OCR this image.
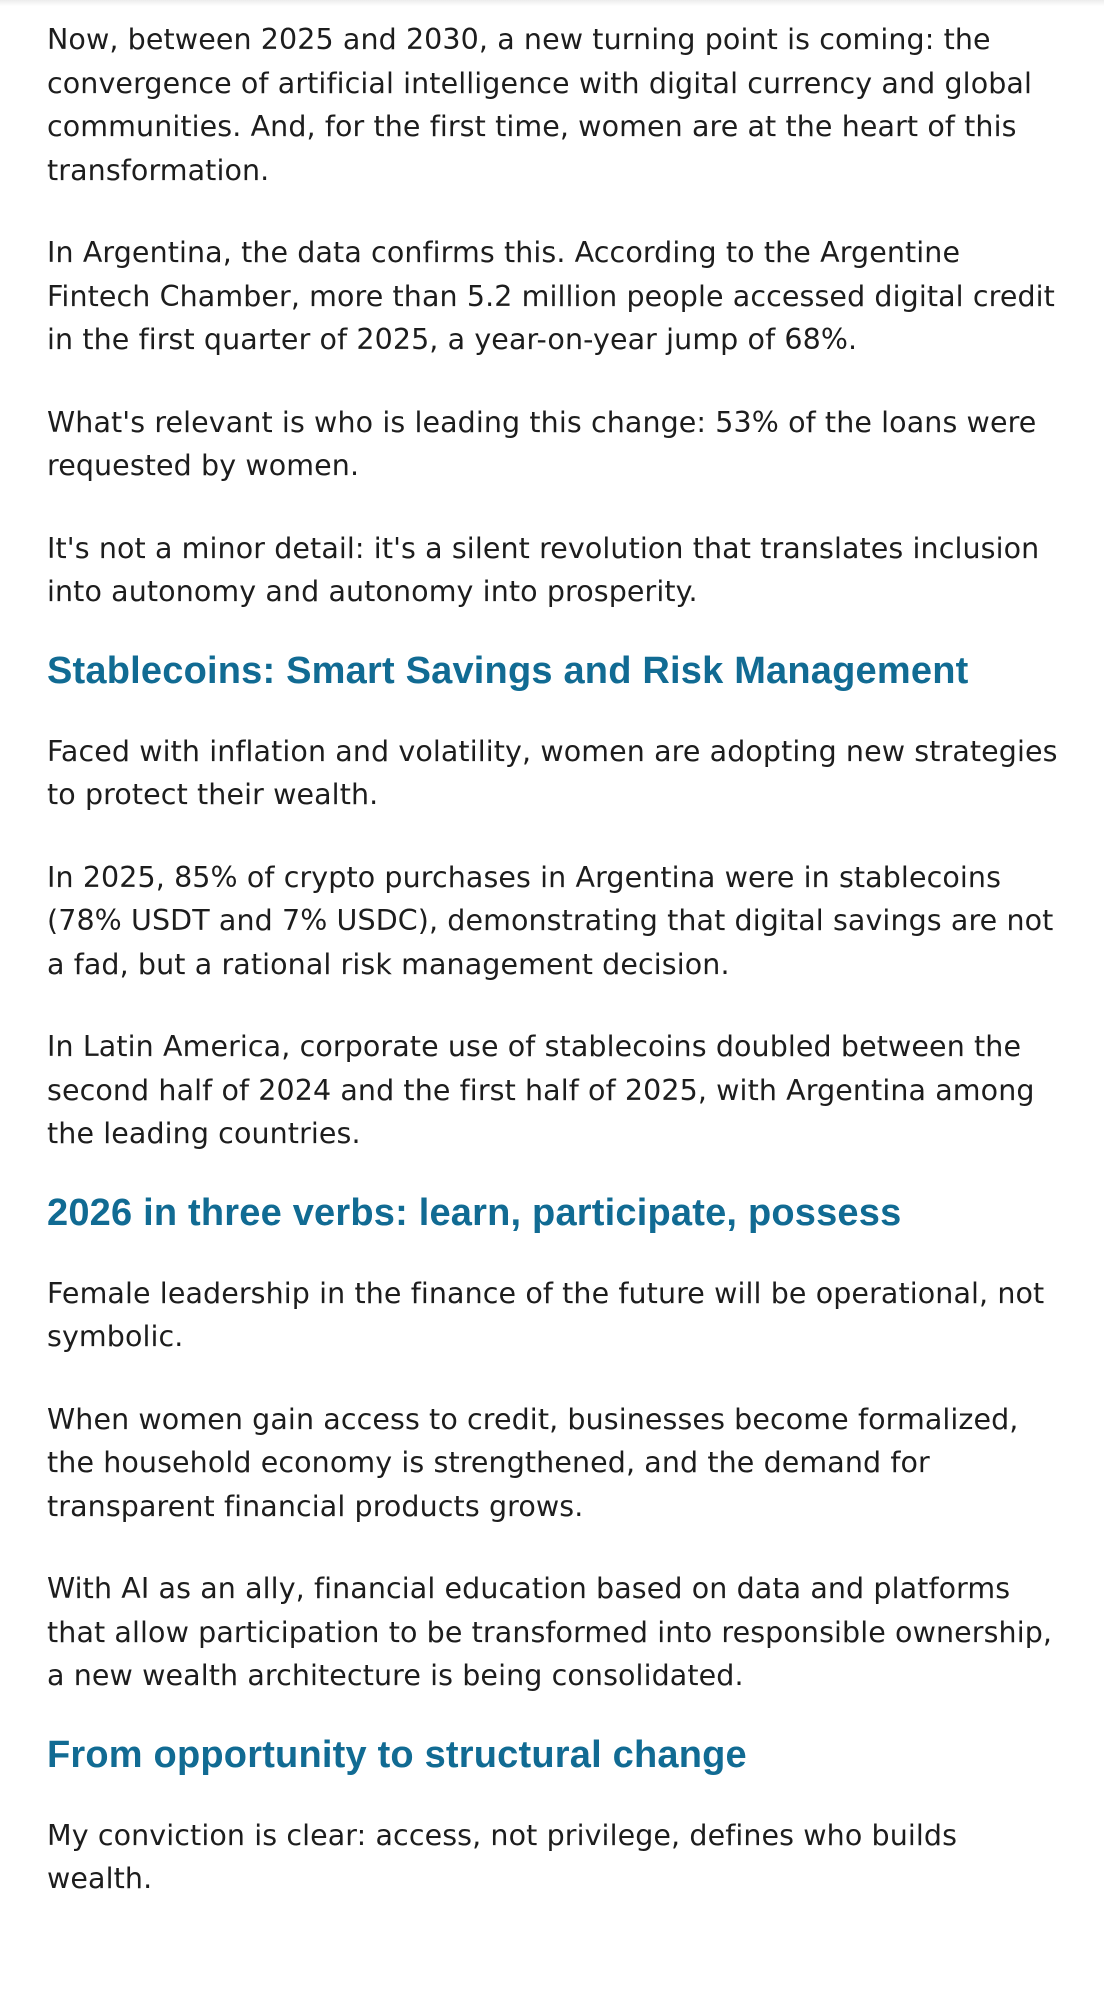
Now, between 2025 and 2030, a new turning point is coming: the convergence of artificial intelligence with digital currency and global communities. And, for the first time, women are at the heart of this transformation.

In Argentina, the data confirms this. According to the Argentine Fintech Chamber, more than 5.2 million people accessed digital credit in the first quarter of 2025, a year-on-year jump of 68%.

What's relevant is who is leading this change: 53% of the loans were requested by women.

It's not a minor detail: it's a silent revolution that translates inclusion into autonomy and autonomy into prosperity.

Stablecoins: Smart Savings and Risk Management

Faced with inflation and volatility, women are adopting new strategies to protect their wealth.

In 2025, 85% of crypto purchases in Argentina were in stablecoins (78% USDT and 7% USDC), demonstrating that digital savings are not a fad, but a rational risk management decision.

In Latin America, corporate use of stablecoins doubled between the second half of 2024 and the first half of 2025, with Argentina among the leading countries.

2026 in three verbs: learn, participate, possess

Female leadership in the finance of the future will be operational, not symbolic.

When women gain access to credit, businesses become formalized, the household economy is strengthened, and the demand for transparent financial products grows.

With AI as an ally, financial education based on data and platforms that allow participation to be transformed into responsible ownership, a new wealth architecture is being consolidated.

From opportunity to structural change

My conviction is clear: access, not privilege, defines who builds wealth.
